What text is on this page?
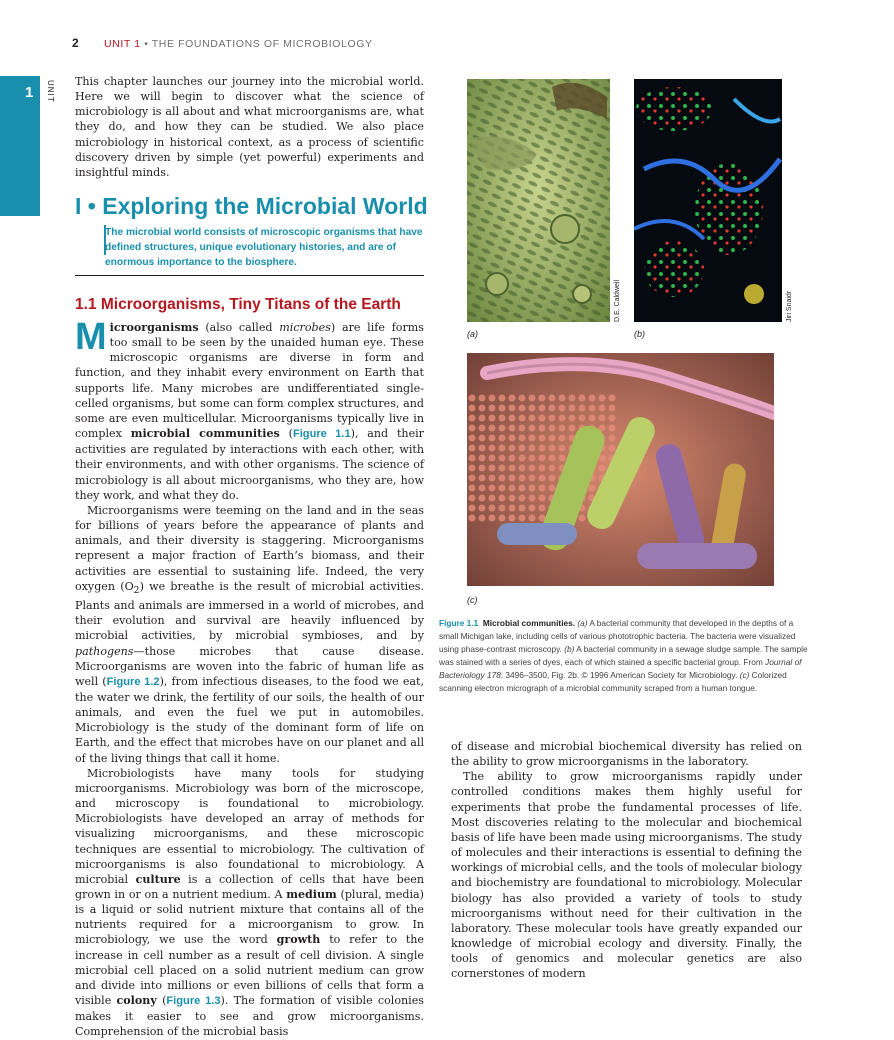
2 UNIT 1 • THE FOUNDATIONS OF MICROBIOLOGY
1 UNIT This chapter launches our journey into the microbial world. Here we will begin to discover what the science of microbiology is all about and what microorganisms are, what they do, and how they can be studied. We also place microbiology in historical context, as a process of scientific discovery driven by simple (yet powerful) experiments and insightful minds.

I • Exploring the Microbial World
The microbial world consists of microscopic organisms that have defined structures, unique evolutionary histories, and are of enormous importance to the biosphere.
1.1 Microorganisms, Tiny Titans of the Earth

Microorganisms (also called microbes) are life forms too small to be seen by the unaided human eye. These microscopic organisms are diverse in form and function, and they inhabit every environment on Earth that supports life. Many microbes are undifferentiated single-celled organisms, but some can form complex structures, and some are even multicellular. Microorganisms typically live in complex microbial communities (Figure 1.1), and their activities are regulated by interactions with each other, with their environments, and with other organisms. The science of microbiology is all about microorganisms, who they are, how they work, and what they do.

Microorganisms were teeming on the land and in the seas for billions of years before the appearance of plants and animals, and their diversity is staggering. Microorganisms represent a major fraction of Earth’s biomass, and their activities are essential to sustaining life. Indeed, the very oxygen $(O_2)$ we breathe is the result of microbial activities. Plants and animals are immersed in a world of microbes, and their evolution and survival are heavily influenced by microbial activities, by microbial symbioses, and by pathogens—those microbes that cause disease. Microorganisms are woven into the fabric of human life as well (Figure 1.2), from infectious diseases, to the food we eat, the water we drink, the fertility of our soils, the health of our animals, and even the fuel we put in automobiles. Microbiology is the study of the dominant form of life on Earth, and the effect that microbes have on our planet and all of the living things that call it home.

Microbiologists have many tools for studying microorganisms. Microbiology was born of the microscope, and microscopy is foundational to microbiology. Microbiologists have developed an array of methods for visualizing microorganisms, and these microscopic techniques are essential to microbiology. The cultivation of microorganisms is also foundational to microbiology. A microbial culture is a collection of cells that have been grown in or on a nutrient medium. A medium (plural, media) is a liquid or solid nutrient mixture that contains all of the nutrients required for a microorganism to grow. In microbiology, we use the word growth to refer to the increase in cell number as a result of cell division. A single microbial cell placed on a solid nutrient medium can grow and divide into millions or even billions of cells that form a visible colony (Figure 1.3). The formation of visible colonies makes it easier to see and grow microorganisms. Comprehension of the microbial basis

D.E. Caldwell
(a)
Jiri Snaidr
(b)
(c)
Figure 1.1 Microbial communities. (a) A bacterial community that developed in the depths of a small Michigan lake, including cells of various phototrophic bacteria. The bacteria were visualized using phase-contrast microscopy. (b) A bacterial community in a sewage sludge sample. The sample was stained with a series of dyes, each of which stained a specific bacterial group. From Journal of Bacteriology 178: 3496–3500, Fig. 2b. © 1996 American Society for Microbiology. (c) Colorized scanning electron micrograph of a microbial community scraped from a human tongue.

of disease and microbial biochemical diversity has relied on the ability to grow microorganisms in the laboratory.

The ability to grow microorganisms rapidly under controlled conditions makes them highly useful for experiments that probe the fundamental processes of life. Most discoveries relating to the molecular and biochemical basis of life have been made using microorganisms. The study of molecules and their interactions is essential to defining the workings of microbial cells, and the tools of molecular biology and biochemistry are foundational to microbiology. Molecular biology has also provided a variety of tools to study microorganisms without need for their cultivation in the laboratory. These molecular tools have greatly expanded our knowledge of microbial ecology and diversity. Finally, the tools of genomics and molecular genetics are also cornerstones of modern
